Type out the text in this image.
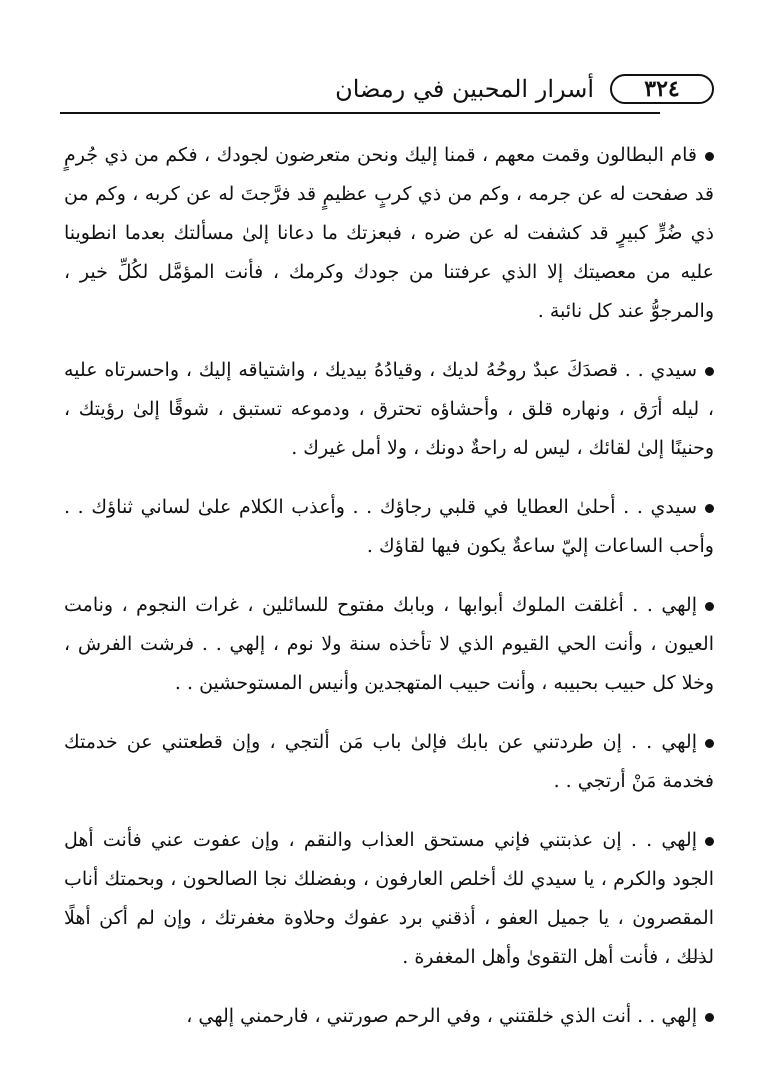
٣٢٤
أسرار المحبين في رمضان

قام البطالون وقمت معهم ، قمنا إليك ونحن متعرضون لجودك ، فكم من ذي جُرمٍ قد صفحت له عن جرمه ، وكم من ذي كربٍ عظيمٍ قد فرَّجتَ له عن كربه ، وكم من ذي ضُرٍّ كبيرٍ قد كشفت له عن ضره ، فبعزتك ما دعانا إلىٰ مسألتك بعدما انطوينا عليه من معصيتك إلا الذي عرفتنا من جودك وكرمك ، فأنت المؤمَّل لكُلِّ خير ، والمرجوُّ عند كل نائبة .

سيدي . . قصدَكَ عبدٌ روحُهُ لديك ، وقيادُهُ بيديك ، واشتياقه إليك ، واحسرتاه عليه ، ليله أرَق ، ونهاره قلق ، وأحشاؤه تحترق ، ودموعه تستبق ، شوقًا إلىٰ رؤيتك ، وحنينًا إلىٰ لقائك ، ليس له راحةٌ دونك ، ولا أمل غيرك .

سيدي . . أحلىٰ العطايا في قلبي رجاؤك . . وأعذب الكلام علىٰ لساني ثناؤك . . وأحب الساعات إليّ ساعةٌ يكون فيها لقاؤك .

إلهي . . أغلقت الملوك أبوابها ، وبابك مفتوح للسائلين ، غرات النجوم ، ونامت العيون ، وأنت الحي القيوم الذي لا تأخذه سنة ولا نوم ، إلهي . . فرشت الفرش ، وخلا كل حبيب بحبيبه ، وأنت حبيب المتهجدين وأنيس المستوحشين . .

إلهي . . إن طردتني عن بابك فإلىٰ باب مَن ألتجي ، وإن قطعتني عن خدمتك فخدمة مَنْ أرتجي . .

إلهي . . إن عذبتني فإني مستحق العذاب والنقم ، وإن عفوت عني فأنت أهل الجود والكرم ، يا سيدي لك أخلص العارفون ، وبفضلك نجا الصالحون ، وبحمتك أناب المقصرون ، يا جميل العفو ، أذقني برد عفوك وحلاوة مغفرتك ، وإن لم أكن أهلًا لذلك ، فأنت أهل التقوىٰ وأهل المغفرة .

إلهي . . أنت الذي خلقتني ، وفي الرحم صورتني ، فارحمني إلهي ،
